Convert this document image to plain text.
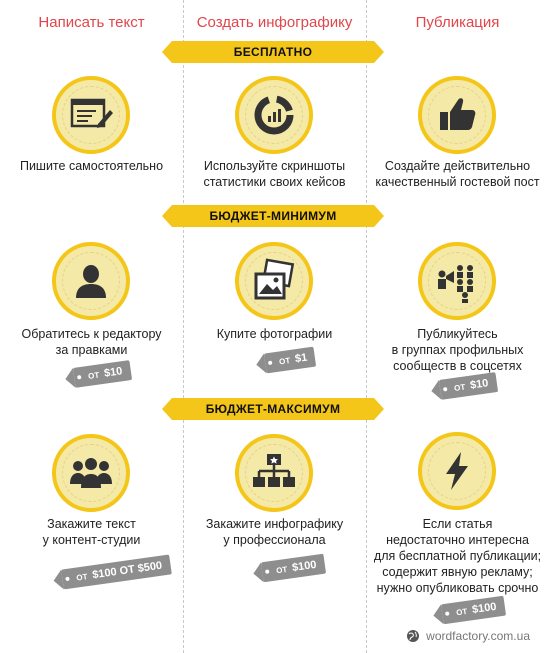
Написать текст	Создать инфографику	Публикация
БЕСПЛАТНО
БЮДЖЕТ-МИНИМУМ
БЮДЖЕТ-МАКСИМУМ
Пишите самостоятельно	Используйте скриншоты
статистики своих кейсов
Создайте действительно
качественный гостевой пост
Обратитесь к редактору
за правками
ОТ $10
Купите фотографии
ОТ $1
Публикуйтесь
в группах профильных
сообществ в соцсетях
ОТ $10
Закажите текст
у контент-студии
ОТ $100 ОТ $500
Закажите инфографику
у профессионала
ОТ $100
Если статья
недостаточно интересна
для бесплатной публикации;
содержит явную рекламу;
нужно опубликовать срочно
ОТ $100
wordfactory.com.ua
